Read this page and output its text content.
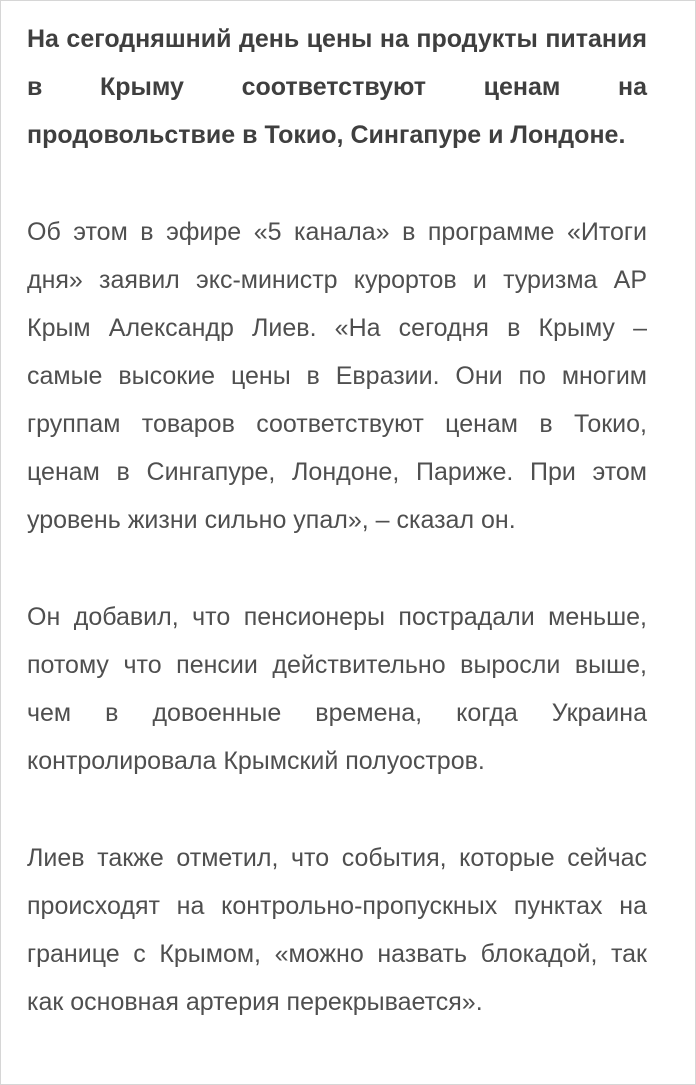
На сегодняшний день цены на продукты питания в Крыму соответствуют ценам на продовольствие в Токио, Сингапуре и Лондоне.

Об этом в эфире «5 канала» в программе «Итоги дня» заявил экс-министр курортов и туризма АР Крым Александр Лиев. «На сегодня в Крыму – самые высокие цены в Евразии. Они по многим группам товаров соответствуют ценам в Токио, ценам в Сингапуре, Лондоне, Париже. При этом уровень жизни сильно упал», – сказал он.

Он добавил, что пенсионеры пострадали меньше, потому что пенсии действительно выросли выше, чем в довоенные времена, когда Украина контролировала Крымский полуостров.

Лиев также отметил, что события, которые сейчас происходят на контрольно-пропускных пунктах на границе с Крымом, «можно назвать блокадой, так как основная артерия перекрывается».
